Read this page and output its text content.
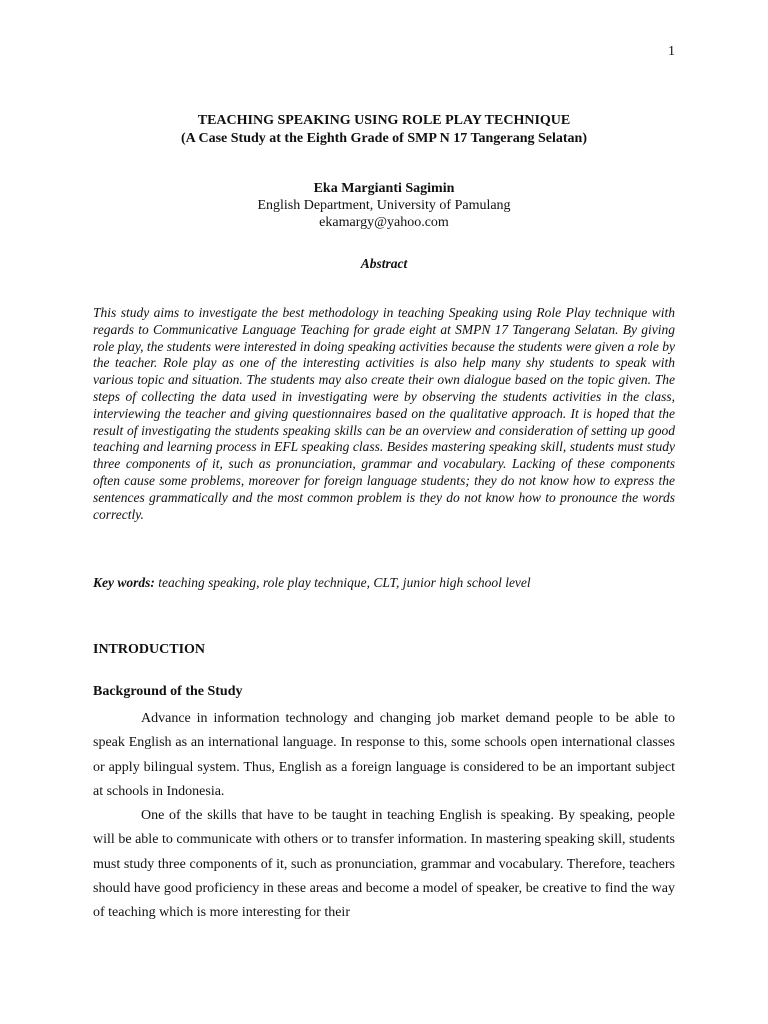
1
TEACHING SPEAKING USING ROLE PLAY TECHNIQUE
(A Case Study at the Eighth Grade of SMP N 17 Tangerang Selatan)
Eka Margianti Sagimin
English Department, University of Pamulang
ekamargy@yahoo.com
Abstract
This study aims to investigate the best methodology in teaching Speaking using Role Play technique with regards to Communicative Language Teaching for grade eight at SMPN 17 Tangerang Selatan. By giving role play, the students were interested in doing speaking activities because the students were given a role by the teacher. Role play as one of the interesting activities is also help many shy students to speak with various topic and situation. The students may also create their own dialogue based on the topic given. The steps of collecting the data used in investigating were by observing the students activities in the class, interviewing the teacher and giving questionnaires based on the qualitative approach. It is hoped that the result of investigating the students speaking skills can be an overview and consideration of setting up good teaching and learning process in EFL speaking class. Besides mastering speaking skill, students must study three components of it, such as pronunciation, grammar and vocabulary. Lacking of these components often cause some problems, moreover for foreign language students; they do not know how to express the sentences grammatically and the most common problem is they do not know how to pronounce the words correctly.
Key words: teaching speaking, role play technique, CLT, junior high school level
INTRODUCTION
Background of the Study

Advance in information technology and changing job market demand people to be able to speak English as an international language. In response to this, some schools open international classes or apply bilingual system. Thus, English as a foreign language is considered to be an important subject at schools in Indonesia.

One of the skills that have to be taught in teaching English is speaking. By speaking, people will be able to communicate with others or to transfer information. In mastering speaking skill, students must study three components of it, such as pronunciation, grammar and vocabulary. Therefore, teachers should have good proficiency in these areas and become a model of speaker, be creative to find the way of teaching which is more interesting for their
